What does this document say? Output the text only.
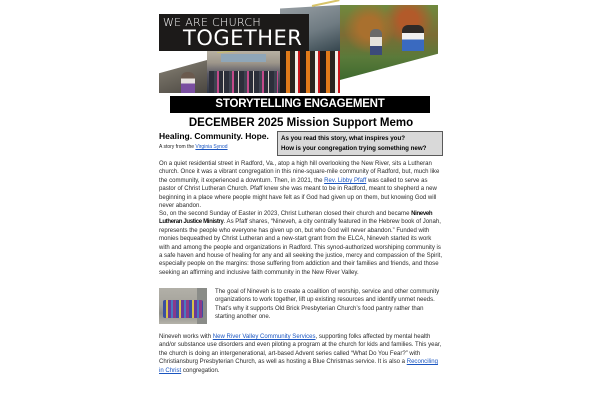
WE ARE CHURCH
TOGETHER
STORYTELLING ENGAGEMENT
DECEMBER 2025 Mission Support Memo
Healing. Community. Hope.
A story from the Virginia Synod
As you read this story, what inspires you?
How is your congregation trying something new?
On a quiet residential street in Radford, Va., atop a high hill overlooking the New River, sits a Lutheran church. Once it was a vibrant congregation in this nine-square-mile community of Radford, but, much like the community, it experienced a downturn. Then, in 2021, the Rev. Libby Pfaff was called to serve as pastor of Christ Lutheran Church. Pfaff knew she was meant to be in Radford, meant to shepherd a new beginning in a place where people might have felt as if God had given up on them, but knowing God will never abandon.
So, on the second Sunday of Easter in 2023, Christ Lutheran closed their church and became Nineveh Lutheran Justice Ministry. As Pfaff shares, “Nineveh, a city centrally featured in the Hebrew book of Jonah, represents the people who everyone has given up on, but who God will never abandon.” Funded with monies bequeathed by Christ Lutheran and a new-start grant from the ELCA, Nineveh started its work with and among the people and organizations in Radford. This synod-authorized worshiping community is a safe haven and house of healing for any and all seeking the justice, mercy and compassion of the Spirit, especially people on the margins: those suffering from addiction and their families and friends, and those seeking an affirming and inclusive faith community in the New River Valley.
The goal of Nineveh is to create a coalition of worship, service and other community organizations to work together, lift up existing resources and identify unmet needs. That’s why it supports Old Brick Presbyterian Church’s food pantry rather than starting another one.
Nineveh works with New River Valley Community Services, supporting folks affected by mental health and/or substance use disorders and even piloting a program at the church for kids and families. This year, the church is doing an intergenerational, art-based Advent series called “What Do You Fear?” with Christiansburg Presbyterian Church, as well as hosting a Blue Christmas service. It is also a Reconciling in Christ congregation.
